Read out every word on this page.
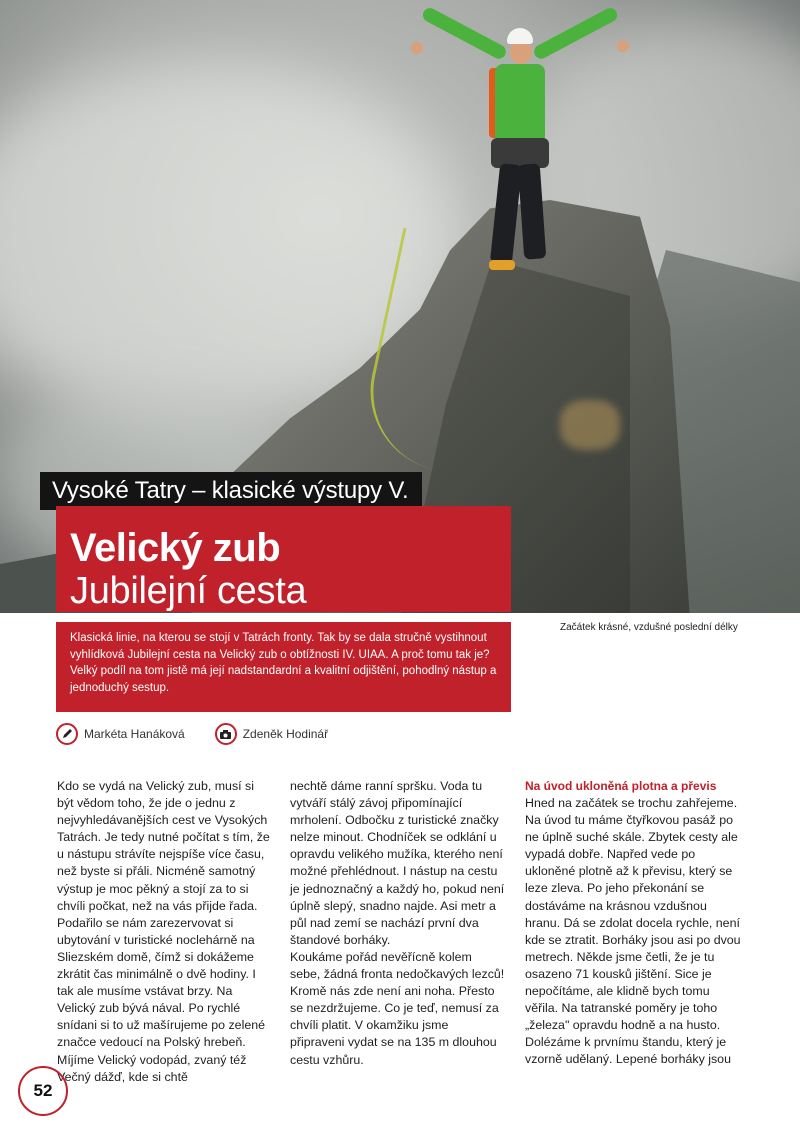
Vysoké Tatry – klasické výstupy V.
Velický zub
Jubilejní cesta
Začátek krásné, vzdušné poslední délky

Klasická linie, na kterou se stojí v Tatrách fronty. Tak by se dala stručně vystihnout vyhlídková Jubilejní cesta na Velický zub o obtížnosti IV. UIAA. A proč tomu tak je? Velký podíl na tom jistě má její nadstandardní a kvalitní odjištění, pohodlný nástup a jednoduchý sestup.

Markéta Hanáková	Zdeněk Hodinář

Kdo se vydá na Velický zub, musí si být vědom toho, že jde o jednu z nejvyhledávanějších cest ve Vysokých Tatrách. Je tedy nutné počítat s tím, že u nástupu strávíte nejspíše více času, než byste si přáli. Nicméně samotný výstup je moc pěkný a stojí za to si chvíli počkat, než na vás přijde řada. Podařilo se nám zarezervovat si ubytování v turistické noclehárně na Sliezském domě, čímž si dokážeme zkrátit čas minimálně o dvě hodiny. I tak ale musíme vstávat brzy. Na Velický zub bývá nával. Po rychlé snídani si to už mašírujeme po zelené značce vedoucí na Polský hrebeň. Míjíme Velický vodopád, zvaný též Večný dážď, kde si chtě

nechtě dáme ranní spršku. Voda tu vytváří stálý závoj připomínající mrholení. Odbočku z turistické značky nelze minout. Chodníček se odklání u opravdu velikého mužíka, kterého není možné přehlédnout. I nástup na cestu je jednoznačný a každý ho, pokud není úplně slepý, snadno najde. Asi metr a půl nad zemí se nachází první dva štandové borháky.

Koukáme pořád nevěřícně kolem sebe, žádná fronta nedočkavých lezců! Kromě nás zde není ani noha. Přesto se nezdržujeme. Co je teď, nemusí za chvíli platit. V okamžiku jsme připraveni vydat se na 135 m dlouhou cestu vzhůru.

Na úvod ukloněná plotna a převis

Hned na začátek se trochu zahřejeme. Na úvod tu máme čtyřkovou pasáž po ne úplně suché skále. Zbytek cesty ale vypadá dobře. Napřed vede po ukloněné plotně až k převisu, který se leze zleva. Po jeho překonání se dostáváme na krásnou vzdušnou hranu. Dá se zdolat docela rychle, není kde se ztratit. Borháky jsou asi po dvou metrech. Někde jsme četli, že je tu osazeno 71 kousků jištění. Sice je nepočítáme, ale klidně bych tomu věřila. Na tatranské poměry je toho „železa" opravdu hodně a na husto. Dolézáme k prvnímu štandu, který je vzorně udělaný. Lepené borháky jsou

52
